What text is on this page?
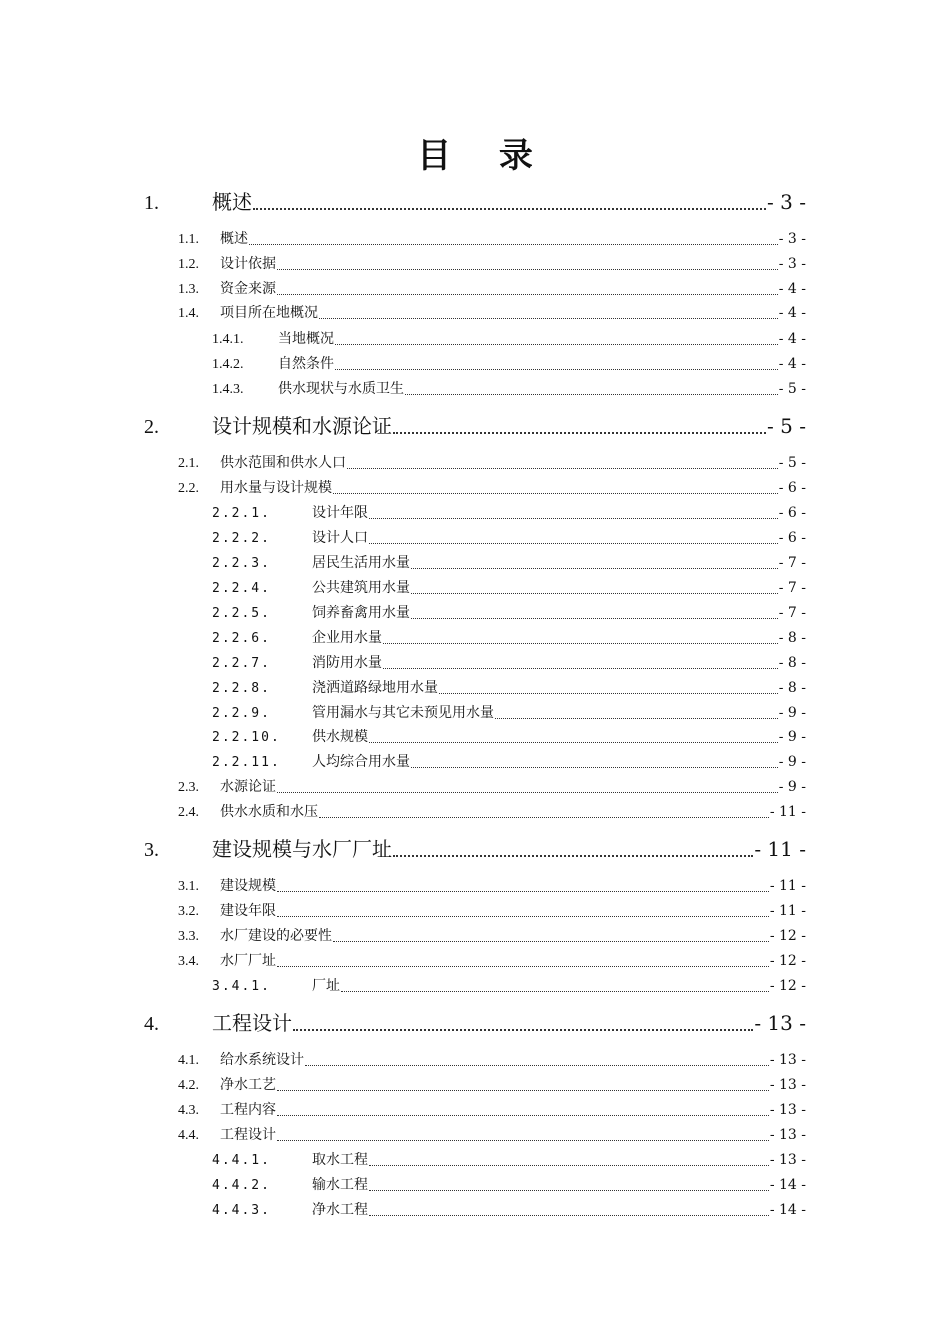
目 录
1.	概述	- 3 -
1.1.	概述	- 3 -
1.2.	设计依据	- 3 -
1.3.	资金来源	- 4 -
1.4.	项目所在地概况	- 4 -
1.4.1.	当地概况	- 4 -
1.4.2.	自然条件	- 4 -
1.4.3.	供水现状与水质卫生	- 5 -
2.	设计规模和水源论证	- 5 -
2.1.	供水范围和供水人口	- 5 -
2.2.	用水量与设计规模	- 6 -
2.2.1.	设计年限	- 6 -
2.2.2.	设计人口	- 6 -
2.2.3.	居民生活用水量	- 7 -
2.2.4.	公共建筑用水量	- 7 -
2.2.5.	饲养畜禽用水量	- 7 -
2.2.6.	企业用水量	- 8 -
2.2.7.	消防用水量	- 8 -
2.2.8.	浇洒道路绿地用水量	- 8 -
2.2.9.	管用漏水与其它未预见用水量	- 9 -
2.2.10.	供水规模	- 9 -
2.2.11.	人均综合用水量	- 9 -
2.3.	水源论证	- 9 -
2.4.	供水水质和水压	- 11 -
3.	建设规模与水厂厂址	- 11 -
3.1.	建设规模	- 11 -
3.2.	建设年限	- 11 -
3.3.	水厂建设的必要性	- 12 -
3.4.	水厂厂址	- 12 -
3.4.1.	厂址	- 12 -
4.	工程设计	- 13 -
4.1.	给水系统设计	- 13 -
4.2.	净水工艺	- 13 -
4.3.	工程内容	- 13 -
4.4.	工程设计	- 13 -
4.4.1.	取水工程	- 13 -
4.4.2.	输水工程	- 14 -
4.4.3.	净水工程	- 14 -
